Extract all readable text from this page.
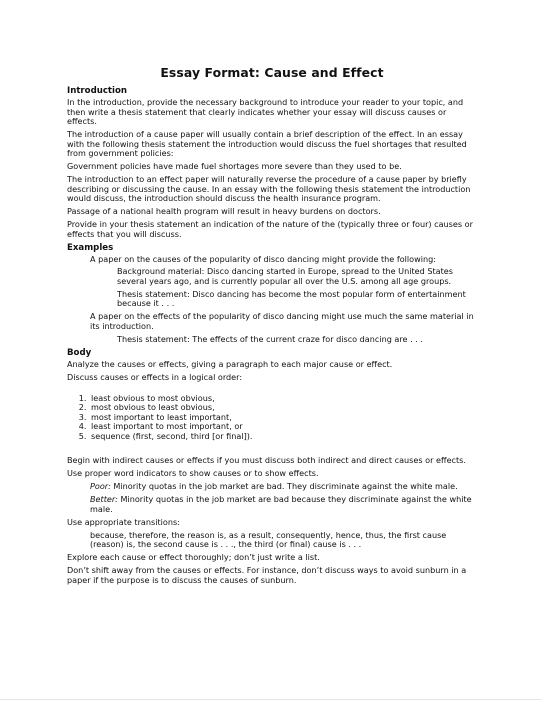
Essay Format: Cause and Effect
Introduction

In the introduction, provide the necessary background to introduce your reader to your topic, and then write a thesis statement that clearly indicates whether your essay will discuss causes or effects.

The introduction of a cause paper will usually contain a brief description of the effect. In an essay with the following thesis statement the introduction would discuss the fuel shortages that resulted from government policies:

Government policies have made fuel shortages more severe than they used to be.

The introduction to an effect paper will naturally reverse the procedure of a cause paper by briefly describing or discussing the cause. In an essay with the following thesis statement the introduction would discuss, the introduction should discuss the health insurance program.

Passage of a national health program will result in heavy burdens on doctors.

Provide in your thesis statement an indication of the nature of the (typically three or four) causes or effects that you will discuss.

Examples

A paper on the causes of the popularity of disco dancing might provide the following:

Background material: Disco dancing started in Europe, spread to the United States several years ago, and is currently popular all over the U.S. among all age groups.

Thesis statement: Disco dancing has become the most popular form of entertainment because it . . .

A paper on the effects of the popularity of disco dancing might use much the same material in its introduction.

Thesis statement: The effects of the current craze for disco dancing are . . .

Body

Analyze the causes or effects, giving a paragraph to each major cause or effect.

Discuss causes or effects in a logical order:

1. least obvious to most obvious,
2. most obvious to least obvious,
3. most important to least important,
4. least important to most important, or
5. sequence (first, second, third [or final]).

Begin with indirect causes or effects if you must discuss both indirect and direct causes or effects.

Use proper word indicators to show causes or to show effects.

Poor: Minority quotas in the job market are bad. They discriminate against the white male.

Better: Minority quotas in the job market are bad because they discriminate against the white male.

Use appropriate transitions:

because, therefore, the reason is, as a result, consequently, hence, thus, the first cause (reason) is, the second cause is . . ., the third (or final) cause is . . .

Explore each cause or effect thoroughly; don’t just write a list.

Don’t shift away from the causes or effects. For instance, don’t discuss ways to avoid sunburn in a paper if the purpose is to discuss the causes of sunburn.
